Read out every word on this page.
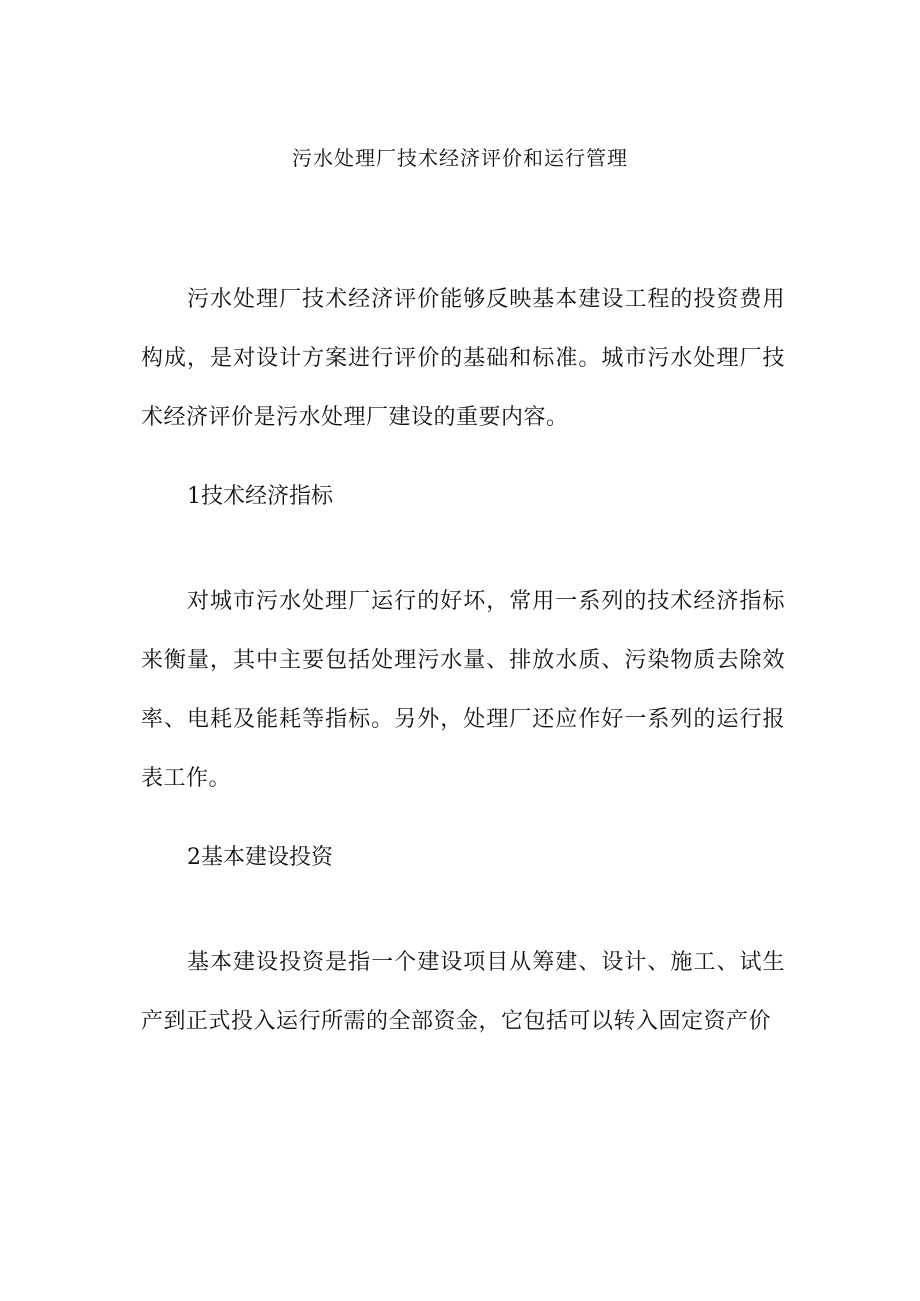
污水处理厂技术经济评价和运行管理

污水处理厂技术经济评价能够反映基本建设工程的投资费用构成，是对设计方案进行评价的基础和标准。城市污水处理厂技术经济评价是污水处理厂建设的重要内容。

1技术经济指标

对城市污水处理厂运行的好坏，常用一系列的技术经济指标来衡量，其中主要包括处理污水量、排放水质、污染物质去除效率、电耗及能耗等指标。另外，处理厂还应作好一系列的运行报表工作。

2基本建设投资

基本建设投资是指一个建设项目从筹建、设计、施工、试生产到正式投入运行所需的全部资金，它包括可以转入固定资产价
